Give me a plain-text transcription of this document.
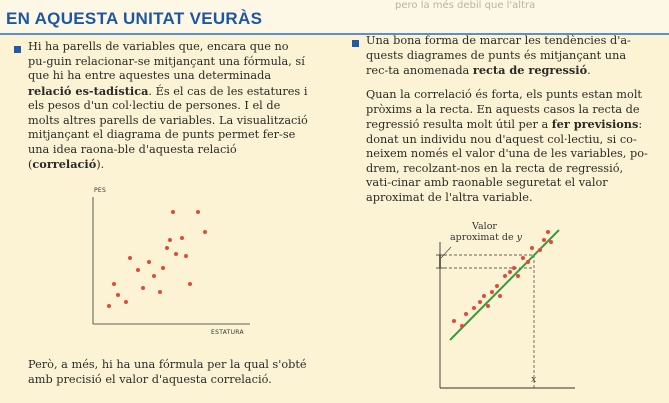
pero la més debil que l'altra
EN AQUESTA UNITAT VEURÀS

Hi ha parells de variables que, encara que no pu-guin relacionar-se mitjançant una fórmula, sí que hi ha entre aquestes una determinada relació es-tadística. És el cas de les estatures i els pesos d'un col·lectiu de persones. I el de molts altres parells de variables. La visualització mitjançant el diagrama de punts permet fer-se una idea raona-ble d'aquesta relació (correlació).

PES
ESTATURA

Però, a més, hi ha una fórmula per la qual s'obté amb precisió el valor d'aquesta correlació.

Una bona forma de marcar les tendències d'a-quests diagrames de punts és mitjançant una rec-ta anomenada recta de regressió.

Quan la correlació és forta, els punts estan molt pròxims a la recta. En aquests casos la recta de regressió resulta molt útil per a fer previsions: donat un individu nou d'aquest col·lectiu, si co-neixem només el valor d'una de les variables, po-drem, recolzant-nos en la recta de regressió, vati-cinar amb raonable seguretat el valor aproximat de l'altra variable.

Valor
aproximat de y
x
